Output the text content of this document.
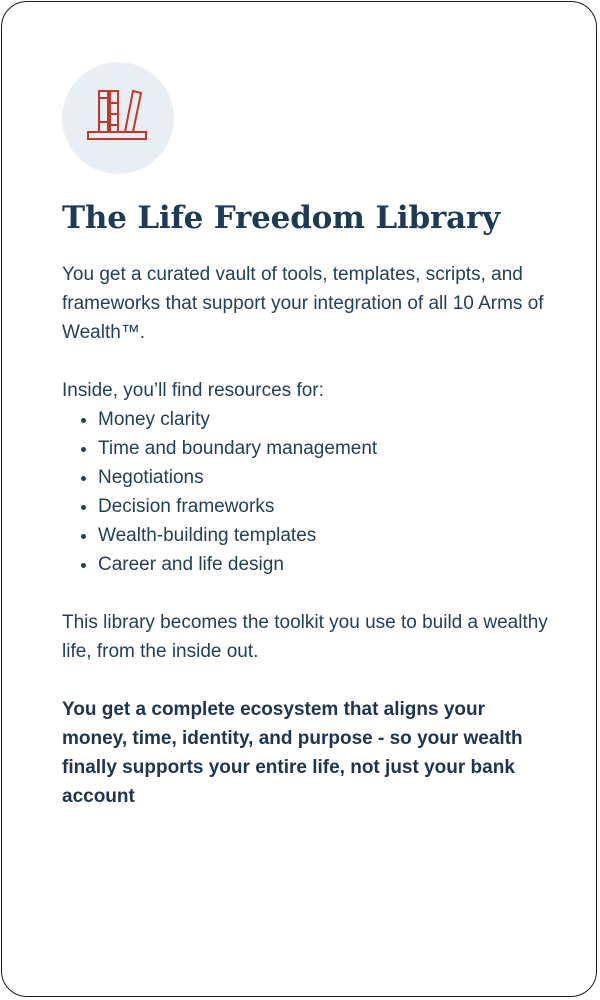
The Life Freedom Library

You get a curated vault of tools, templates, scripts, and frameworks that support your integration of all 10 Arms of Wealth™.

Inside, you’ll find resources for:

• Money clarity
• Time and boundary management
• Negotiations
• Decision frameworks
• Wealth-building templates
• Career and life design

This library becomes the toolkit you use to build a wealthy life, from the inside out.

You get a complete ecosystem that aligns your money, time, identity, and purpose - so your wealth finally supports your entire life, not just your bank account
